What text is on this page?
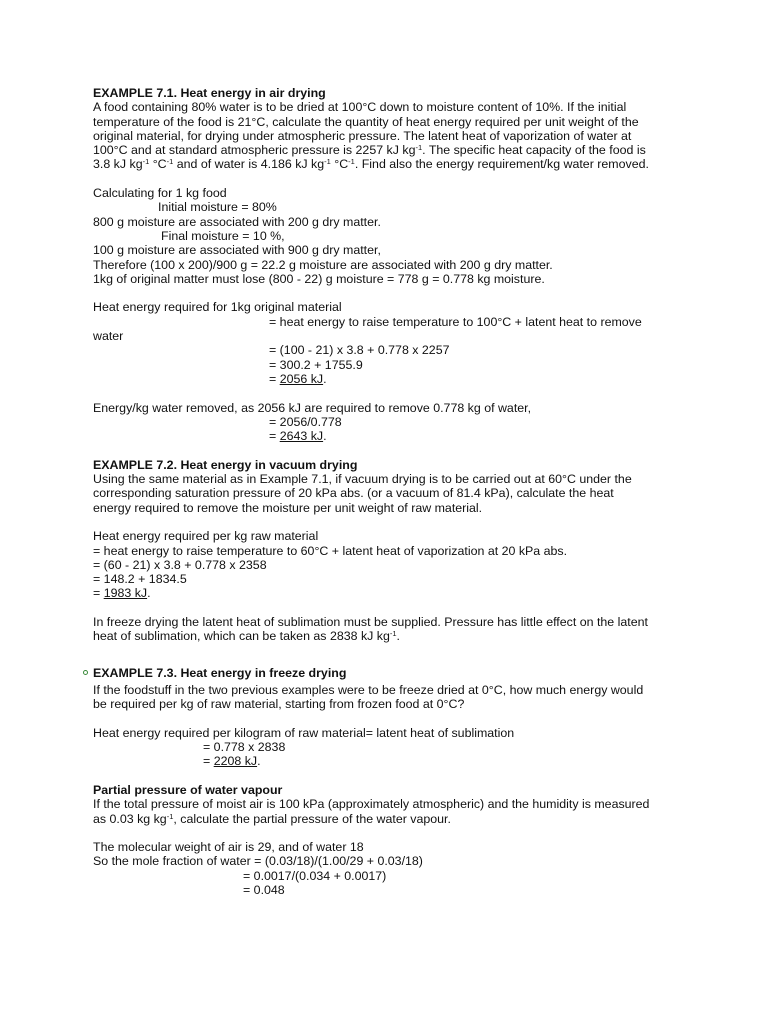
EXAMPLE 7.1. Heat energy in air drying

A food containing 80% water is to be dried at 100°C down to moisture content of 10%. If the initial

temperature of the food is 21°C, calculate the quantity of heat energy required per unit weight of the

original material, for drying under atmospheric pressure. The latent heat of vaporization of water at

100°C and at standard atmospheric pressure is 2257 kJ $kg^{-1}$. The specific heat capacity of the food is

3.8 kJ $kg^{-1}$ $^\circ C^{-1}$ and of water is 4.186 kJ $kg^{-1}$ $^\circ C^{-1}$. Find also the energy requirement/kg water removed.

Calculating for 1 kg food

Initial moisture = 80%

800 g moisture are associated with 200 g dry matter.

Final moisture = 10 %,

100 g moisture are associated with 900 g dry matter,

Therefore (100 x 200)/900 g = 22.2 g moisture are associated with 200 g dry matter.

1kg of original matter must lose (800 - 22) g moisture = 778 g = 0.778 kg moisture.

Heat energy required for 1kg original material

= heat energy to raise temperature to 100°C + latent heat to remove

water

= (100 - 21) x 3.8 + 0.778 x 2257

= 300.2 + 1755.9

= 2056 kJ.

Energy/kg water removed, as 2056 kJ are required to remove 0.778 kg of water,

= 2056/0.778

= 2643 kJ.

EXAMPLE 7.2. Heat energy in vacuum drying

Using the same material as in Example 7.1, if vacuum drying is to be carried out at 60°C under the

corresponding saturation pressure of 20 kPa abs. (or a vacuum of 81.4 kPa), calculate the heat

energy required to remove the moisture per unit weight of raw material.

Heat energy required per kg raw material

= heat energy to raise temperature to 60°C + latent heat of vaporization at 20 kPa abs.

= (60 - 21) x 3.8 + 0.778 x 2358

= 148.2 + 1834.5

= 1983 kJ.

In freeze drying the latent heat of sublimation must be supplied. Pressure has little effect on the latent

heat of sublimation, which can be taken as 2838 kJ $kg^{-1}$.

EXAMPLE 7.3. Heat energy in freeze drying

If the foodstuff in the two previous examples were to be freeze dried at 0°C, how much energy would

be required per kg of raw material, starting from frozen food at 0°C?

Heat energy required per kilogram of raw material= latent heat of sublimation

= 0.778 x 2838

= 2208 kJ.

Partial pressure of water vapour

If the total pressure of moist air is 100 kPa (approximately atmospheric) and the humidity is measured

as 0.03 kg $kg^{-1}$, calculate the partial pressure of the water vapour.

The molecular weight of air is 29, and of water 18

So the mole fraction of water = (0.03/18)/(1.00/29 + 0.03/18)

= 0.0017/(0.034 + 0.0017)

= 0.048
